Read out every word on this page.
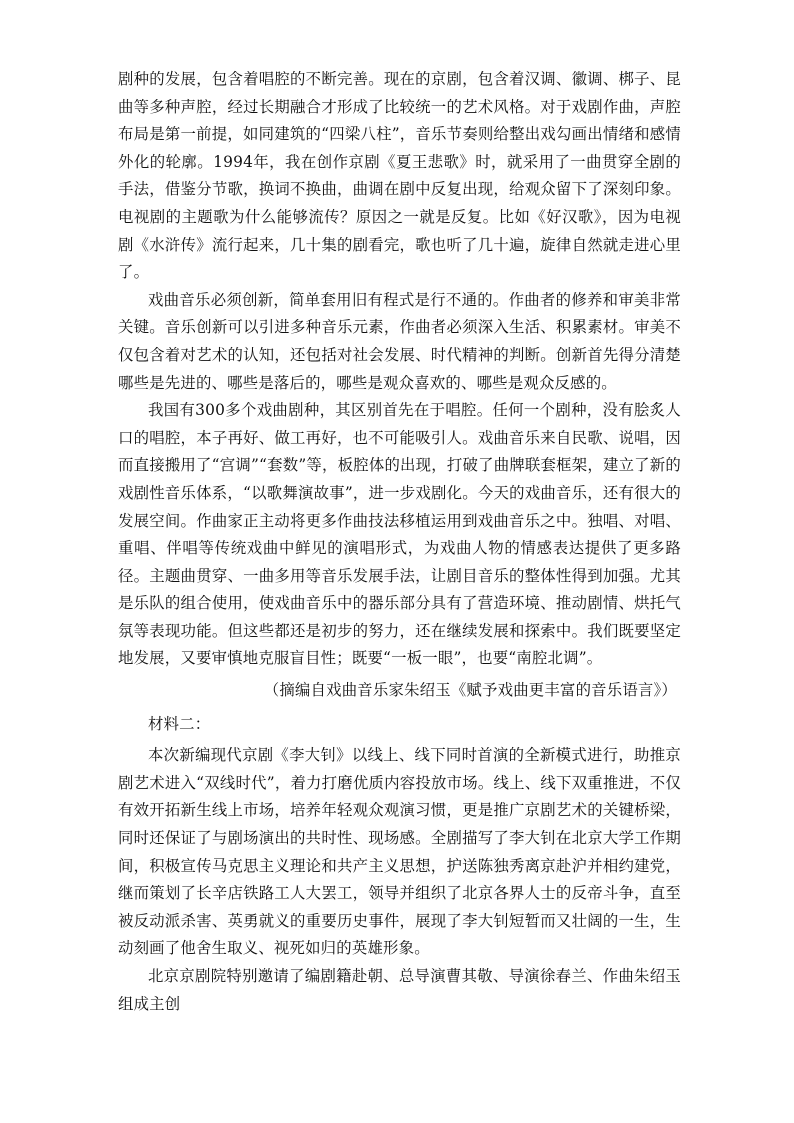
剧种的发展，包含着唱腔的不断完善。现在的京剧，包含着汉调、徽调、梆子、昆曲等多种声腔，经过长期融合才形成了比较统一的艺术风格。对于戏剧作曲，声腔布局是第一前提，如同建筑的“四梁八柱”，音乐节奏则给整出戏勾画出情绪和感情外化的轮廓。1994年，我在创作京剧《夏王悲歌》时，就采用了一曲贯穿全剧的手法，借鉴分节歌，换词不换曲，曲调在剧中反复出现，给观众留下了深刻印象。电视剧的主题歌为什么能够流传？原因之一就是反复。比如《好汉歌》，因为电视剧《水浒传》流行起来，几十集的剧看完，歌也听了几十遍，旋律自然就走进心里了。

戏曲音乐必须创新，简单套用旧有程式是行不通的。作曲者的修养和审美非常关键。音乐创新可以引进多种音乐元素，作曲者必须深入生活、积累素材。审美不仅包含着对艺术的认知，还包括对社会发展、时代精神的判断。创新首先得分清楚哪些是先进的、哪些是落后的，哪些是观众喜欢的、哪些是观众反感的。

我国有300多个戏曲剧种，其区别首先在于唱腔。任何一个剧种，没有脍炙人口的唱腔，本子再好、做工再好，也不可能吸引人。戏曲音乐来自民歌、说唱，因而直接搬用了“宫调”“套数”等，板腔体的出现，打破了曲牌联套框架，建立了新的戏剧性音乐体系，“以歌舞演故事”，进一步戏剧化。今天的戏曲音乐，还有很大的发展空间。作曲家正主动将更多作曲技法移植运用到戏曲音乐之中。独唱、对唱、重唱、伴唱等传统戏曲中鲜见的演唱形式，为戏曲人物的情感表达提供了更多路径。主题曲贯穿、一曲多用等音乐发展手法，让剧目音乐的整体性得到加强。尤其是乐队的组合使用，使戏曲音乐中的器乐部分具有了营造环境、推动剧情、烘托气氛等表现功能。但这些都还是初步的努力，还在继续发展和探索中。我们既要坚定地发展，又要审慎地克服盲目性；既要“一板一眼”，也要“南腔北调”。

（摘编自戏曲音乐家朱绍玉《赋予戏曲更丰富的音乐语言》）

材料二：

本次新编现代京剧《李大钊》以线上、线下同时首演的全新模式进行，助推京剧艺术进入“双线时代”，着力打磨优质内容投放市场。线上、线下双重推进，不仅有效开拓新生线上市场，培养年轻观众观演习惯，更是推广京剧艺术的关键桥梁，同时还保证了与剧场演出的共时性、现场感。全剧描写了李大钊在北京大学工作期间，积极宣传马克思主义理论和共产主义思想，护送陈独秀离京赴沪并相约建党，继而策划了长辛店铁路工人大罢工，领导并组织了北京各界人士的反帝斗争，直至被反动派杀害、英勇就义的重要历史事件，展现了李大钊短暂而又壮阔的一生，生动刻画了他舍生取义、视死如归的英雄形象。

北京京剧院特别邀请了编剧籍赴朝、总导演曹其敬、导演徐春兰、作曲朱绍玉组成主创
